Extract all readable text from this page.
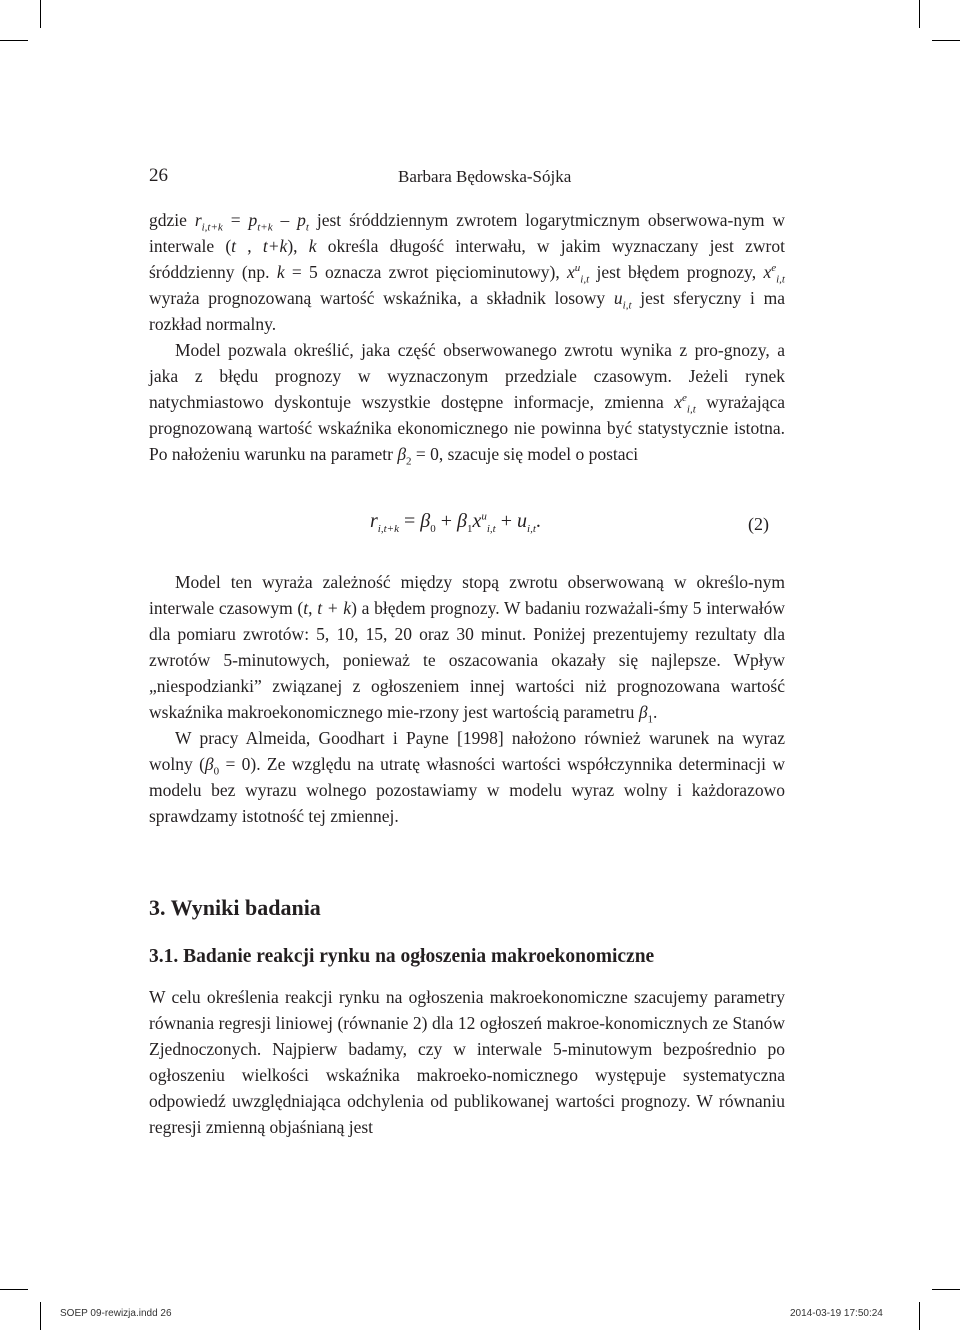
26	Barbara Będowska-Sójka

gdzie $r_{i,t+k} = p_{t+k} - p_t$ jest śróddziennym zwrotem logarytmicznym obserwowa-nym w interwale (t , t+k), k określa długość interwału, w jakim wyznaczany jest zwrot śróddzienny (np. k = 5 oznacza zwrot pięciominutowy), $x^u_{i,t}$ jest błędem prognozy, $x^e_{i,t}$ wyraża prognozowaną wartość wskaźnika, a składnik losowy $u_{i,t}$ jest sferyczny i ma rozkład normalny.

Model pozwala określić, jaka część obserwowanego zwrotu wynika z pro-gnozy, a jaka z błędu prognozy w wyznaczonym przedziale czasowym. Jeżeli rynek natychmiastowo dyskontuje wszystkie dostępne informacje, zmienna $x^e_{i,t}$ wyrażająca prognozowaną wartość wskaźnika ekonomicznego nie powinna być statystycznie istotna. Po nałożeniu warunku na parametr $\beta_2 = 0$, szacuje się model o postaci

$r_{i,t+k} = \beta_0 + \beta_1x^u_{i,t} + u_{i,t}$.	(2)

Model ten wyraża zależność między stopą zwrotu obserwowaną w określo-nym interwale czasowym (t, t + k) a błędem prognozy. W badaniu rozważali-śmy 5 interwałów dla pomiaru zwrotów: 5, 10, 15, 20 oraz 30 minut. Poniżej prezentujemy rezultaty dla zwrotów 5-minutowych, ponieważ te oszacowania okazały się najlepsze. Wpływ „niespodzianki” związanej z ogłoszeniem innej wartości niż prognozowana wartość wskaźnika makroekonomicznego mie-rzony jest wartością parametru $\beta_1$.

W pracy Almeida, Goodhart i Payne [1998] nałożono również warunek na wyraz wolny $(\beta_0 = 0)$. Ze względu na utratę własności wartości współczynnika determinacji w modelu bez wyrazu wolnego pozostawiamy w modelu wyraz wolny i każdorazowo sprawdzamy istotność tej zmiennej.

3. Wyniki badania
3.1. Badanie reakcji rynku na ogłoszenia makroekonomiczne

W celu określenia reakcji rynku na ogłoszenia makroekonomiczne szacujemy parametry równania regresji liniowej (równanie 2) dla 12 ogłoszeń makroe-konomicznych ze Stanów Zjednoczonych. Najpierw badamy, czy w interwale 5-minutowym bezpośrednio po ogłoszeniu wielkości wskaźnika makroeko-nomicznego występuje systematyczna odpowiedź uwzględniająca odchylenia od publikowanej wartości prognozy. W równaniu regresji zmienną objaśnianą jest

SOEP 09-rewizja.indd 26	2014-03-19 17:50:24
